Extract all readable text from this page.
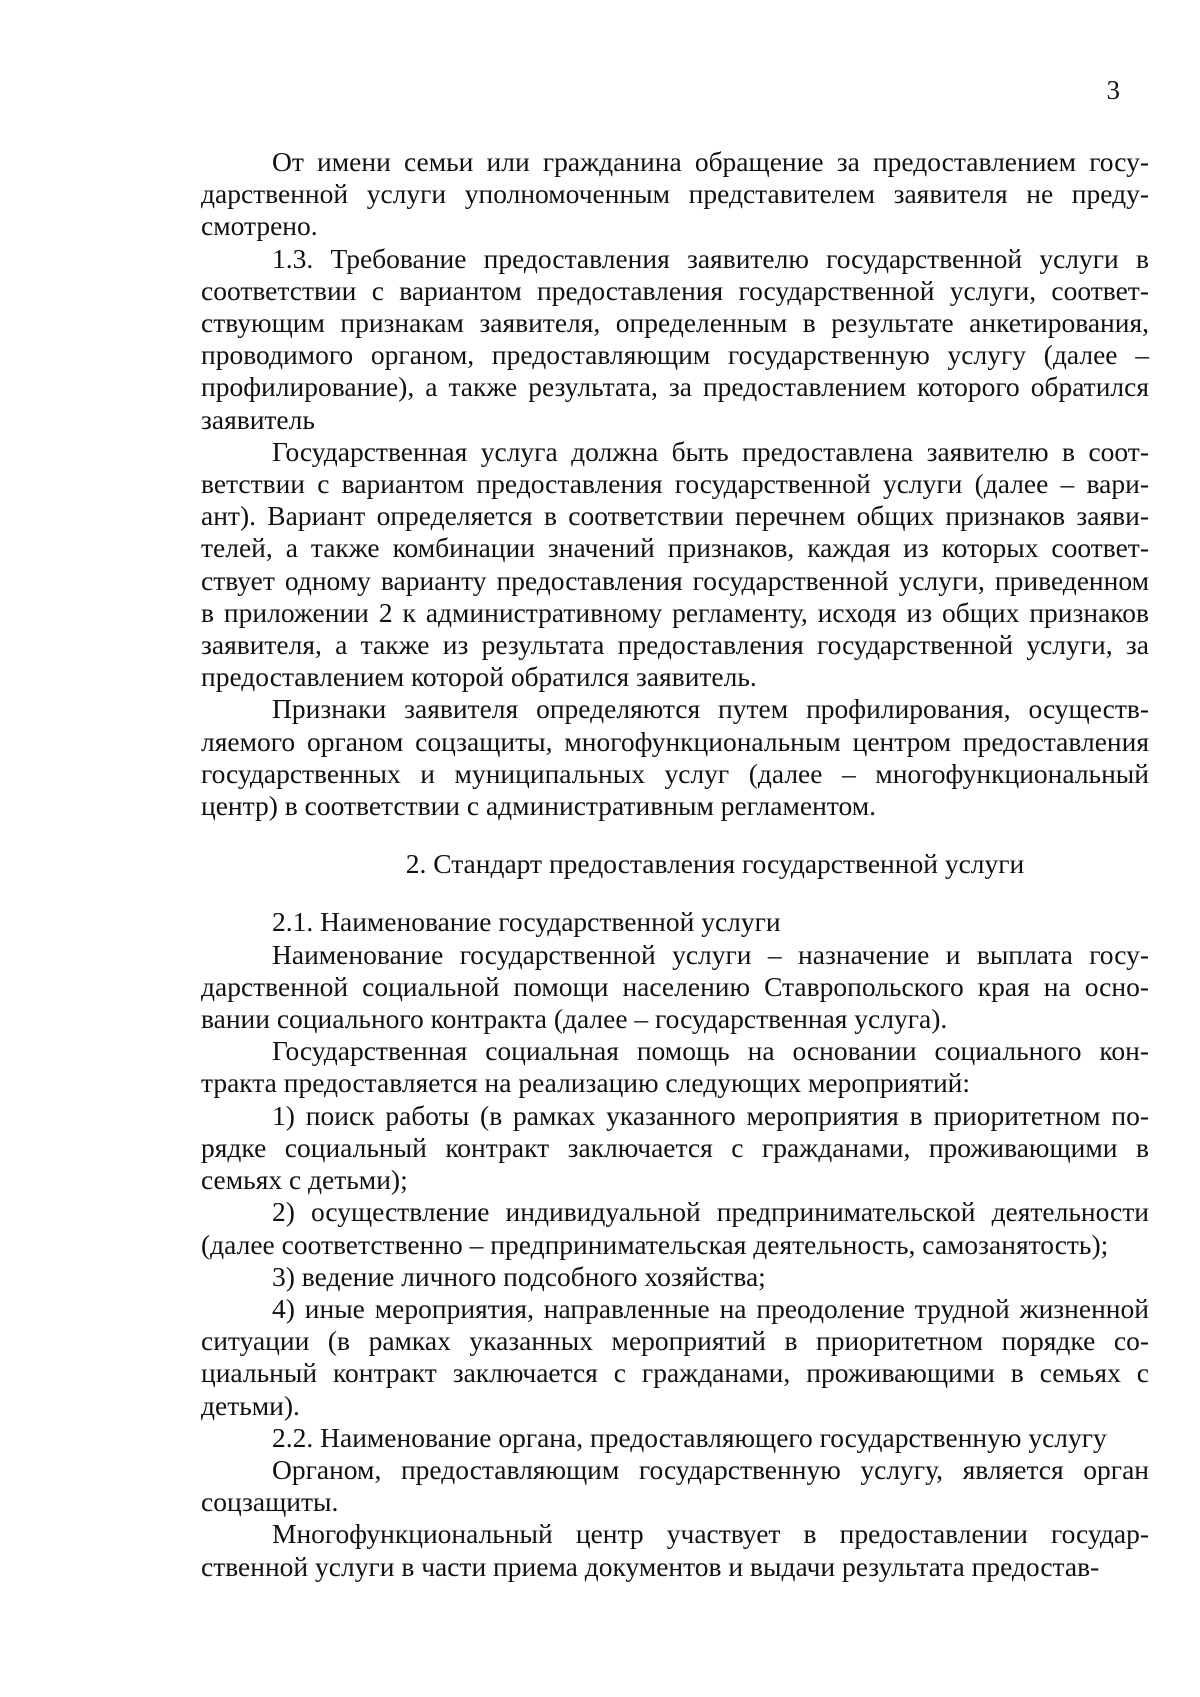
3

От имени семьи или гражданина обращение за предоставлением государственной услуги уполномоченным представителем заявителя не предусмотрено.

1.3. Требование предоставления заявителю государственной услуги в соответствии с вариантом предоставления государственной услуги, соответствующим признакам заявителя, определенным в результате анкетирования, проводимого органом, предоставляющим государственную услугу (далее – профилирование), а также результата, за предоставлением которого обратился заявитель

Государственная услуга должна быть предоставлена заявителю в соответствии с вариантом предоставления государственной услуги (далее – вариант). Вариант определяется в соответствии перечнем общих признаков заявителей, а также комбинации значений признаков, каждая из которых соответствует одному варианту предоставления государственной услуги, приведенном в приложении 2 к административному регламенту, исходя из общих признаков заявителя, а также из результата предоставления государственной услуги, за предоставлением которой обратился заявитель.

Признаки заявителя определяются путем профилирования, осуществляемого органом соцзащиты, многофункциональным центром предоставления государственных и муниципальных услуг (далее – многофункциональный центр) в соответствии с административным регламентом.

2. Стандарт предоставления государственной услуги

2.1. Наименование государственной услуги

Наименование государственной услуги – назначение и выплата государственной социальной помощи населению Ставропольского края на основании социального контракта (далее – государственная услуга).

Государственная социальная помощь на основании социального контракта предоставляется на реализацию следующих мероприятий:

1) поиск работы (в рамках указанного мероприятия в приоритетном порядке социальный контракт заключается с гражданами, проживающими в семьях с детьми);

2) осуществление индивидуальной предпринимательской деятельности (далее соответственно – предпринимательская деятельность, самозанятость);

3) ведение личного подсобного хозяйства;

4) иные мероприятия, направленные на преодоление трудной жизненной ситуации (в рамках указанных мероприятий в приоритетном порядке социальный контракт заключается с гражданами, проживающими в семьях с детьми).

2.2. Наименование органа, предоставляющего государственную услугу

Органом, предоставляющим государственную услугу, является орган соцзащиты.

Многофункциональный центр участвует в предоставлении государственной услуги в части приема документов и выдачи результата предостав-
